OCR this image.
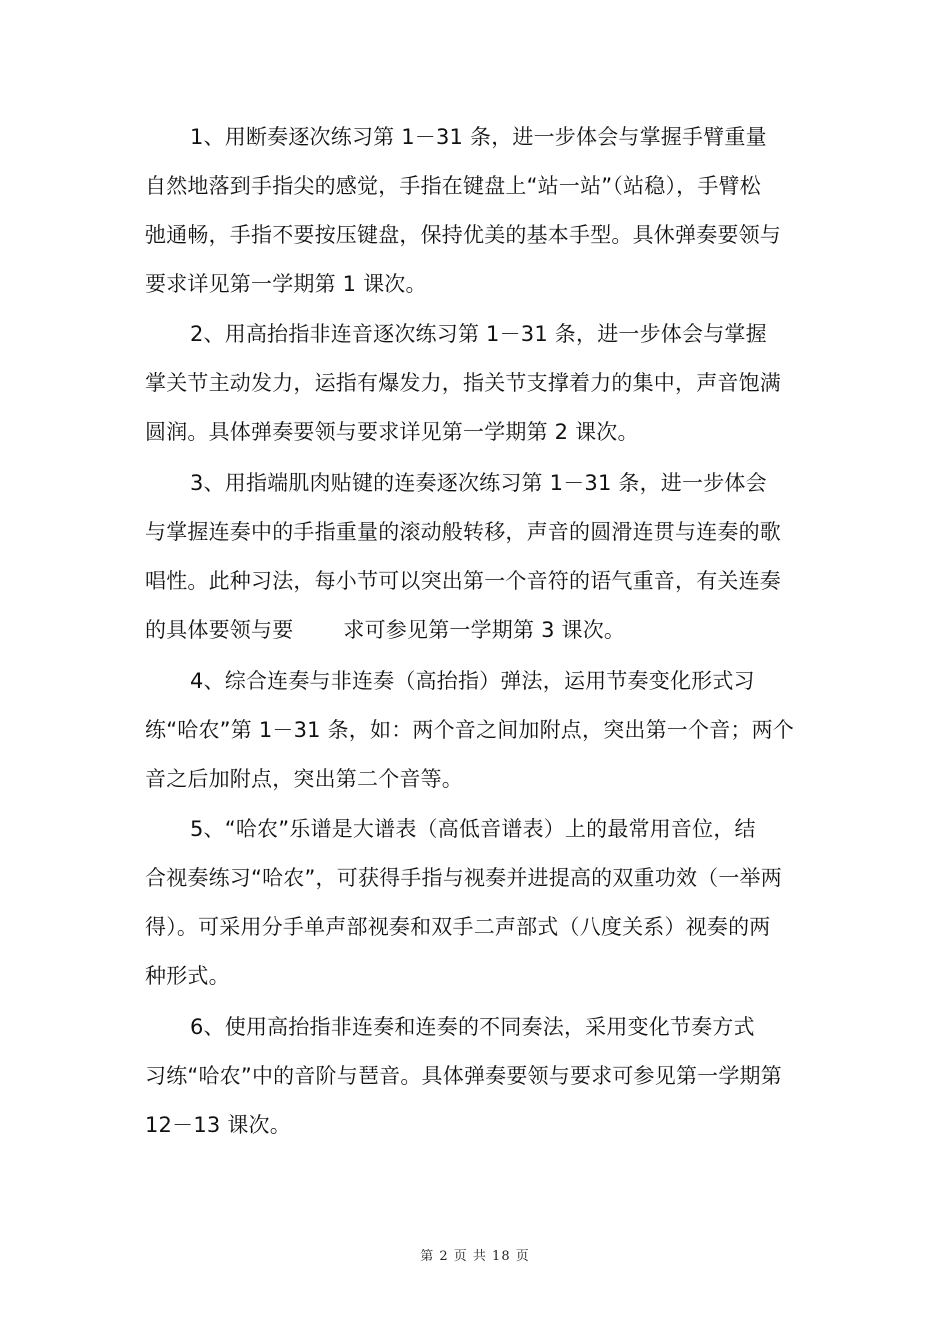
1、用断奏逐次练习第 1－31 条，进一步体会与掌握手臂重量
自然地落到手指尖的感觉，手指在键盘上“站一站”（站稳），手臂松
弛通畅，手指不要按压键盘，保持优美的基本手型。具休弹奏要领与
要求详见第一学期第 1 课次。
2、用高抬指非连音逐次练习第 1－31 条，进一步体会与掌握
掌关节主动发力，运指有爆发力，指关节支撑着力的集中，声音饱满
圆润。具体弹奏要领与要求详见第一学期第 2 课次。
3、用指端肌肉贴键的连奏逐次练习第 1－31 条，进一步体会
与掌握连奏中的手指重量的滚动般转移，声音的圆滑连贯与连奏的歌
唱性。此种习法，每小节可以突出第一个音符的语气重音，有关连奏
的具体要领与要 求可参见第一学期第 3 课次。
4、综合连奏与非连奏（高抬指）弹法，运用节奏变化形式习
练“哈农”第 1－31 条，如：两个音之间加附点，突出第一个音；两个
音之后加附点，突出第二个音等。
5、“哈农”乐谱是大谱表（高低音谱表）上的最常用音位，结
合视奏练习“哈农”，可获得手指与视奏并进提高的双重功效（一举两
得）。可采用分手单声部视奏和双手二声部式（八度关系）视奏的两
种形式。
6、使用高抬指非连奏和连奏的不同奏法，采用变化节奏方式
习练“哈农”中的音阶与琶音。具体弹奏要领与要求可参见第一学期第
12－13 课次。
第 2 页 共 18 页
